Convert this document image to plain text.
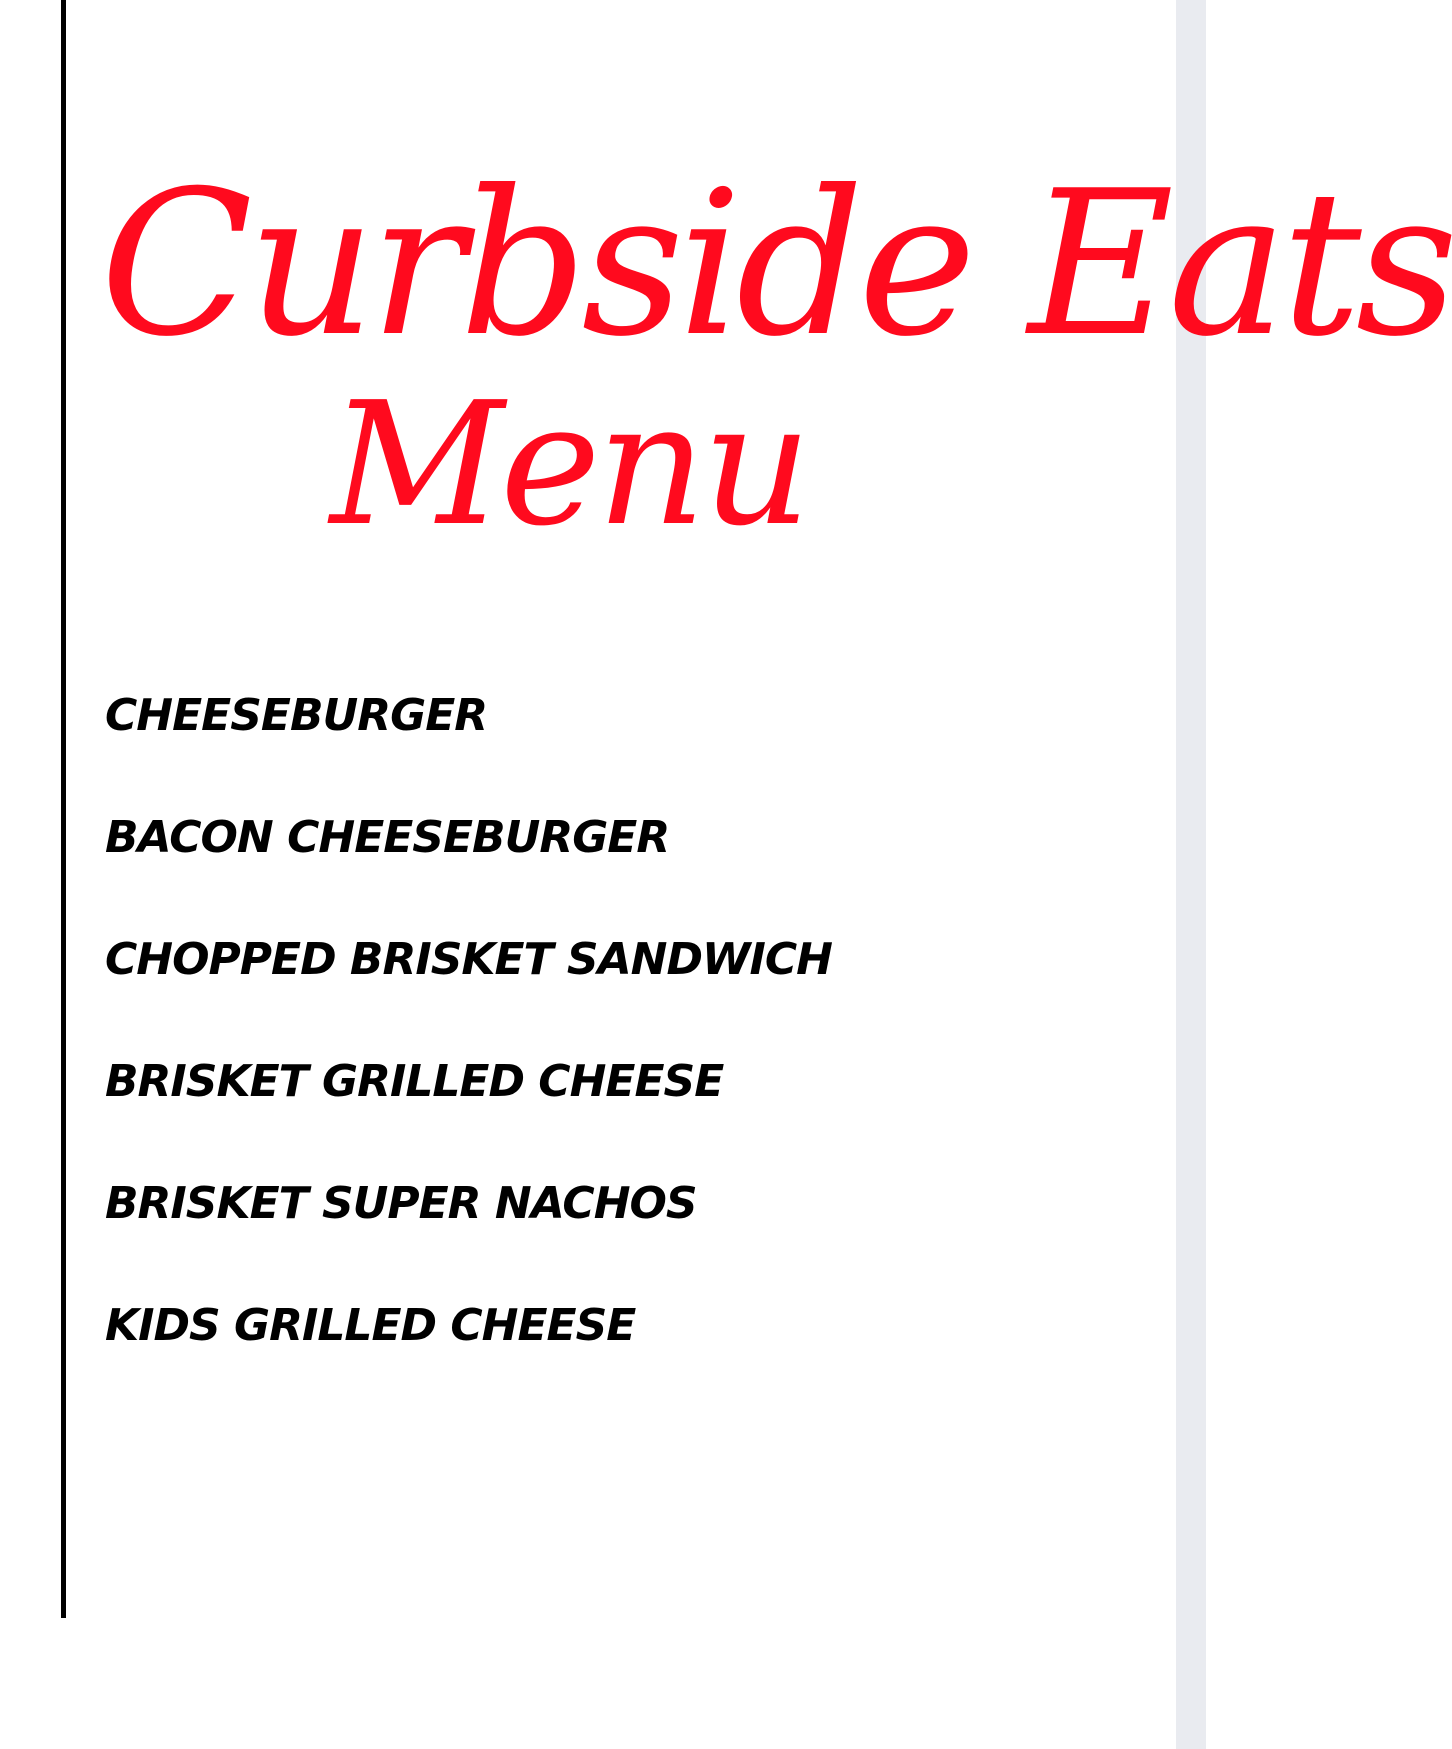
Curbside Eats
Menu
CHEESEBURGER
BACON CHEESEBURGER
CHOPPED BRISKET SANDWICH
BRISKET GRILLED CHEESE
BRISKET SUPER NACHOS
KIDS GRILLED CHEESE
